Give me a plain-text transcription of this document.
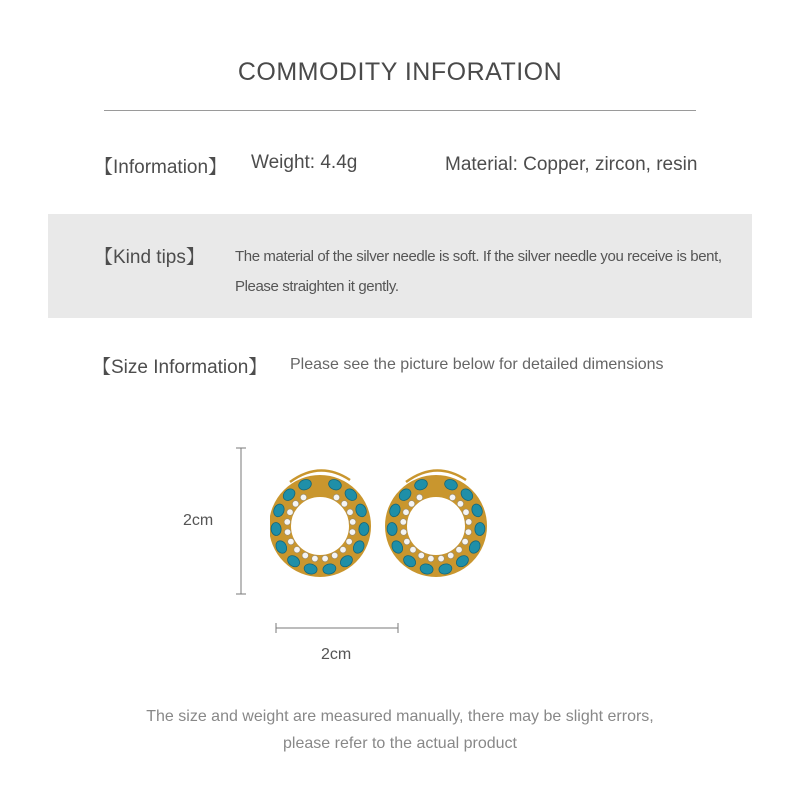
COMMODITY INFORATION
【Information】 Weight: 4.4g	Material: Copper, zircon, resin
【Kind tips】 The material of the silver needle is soft. If the silver needle you receive is bent,
Please straighten it gently.
【Size Information】 Please see the picture below for detailed dimensions
2cm
2cm
The size and weight are measured manually, there may be slight errors,
please refer to the actual product
